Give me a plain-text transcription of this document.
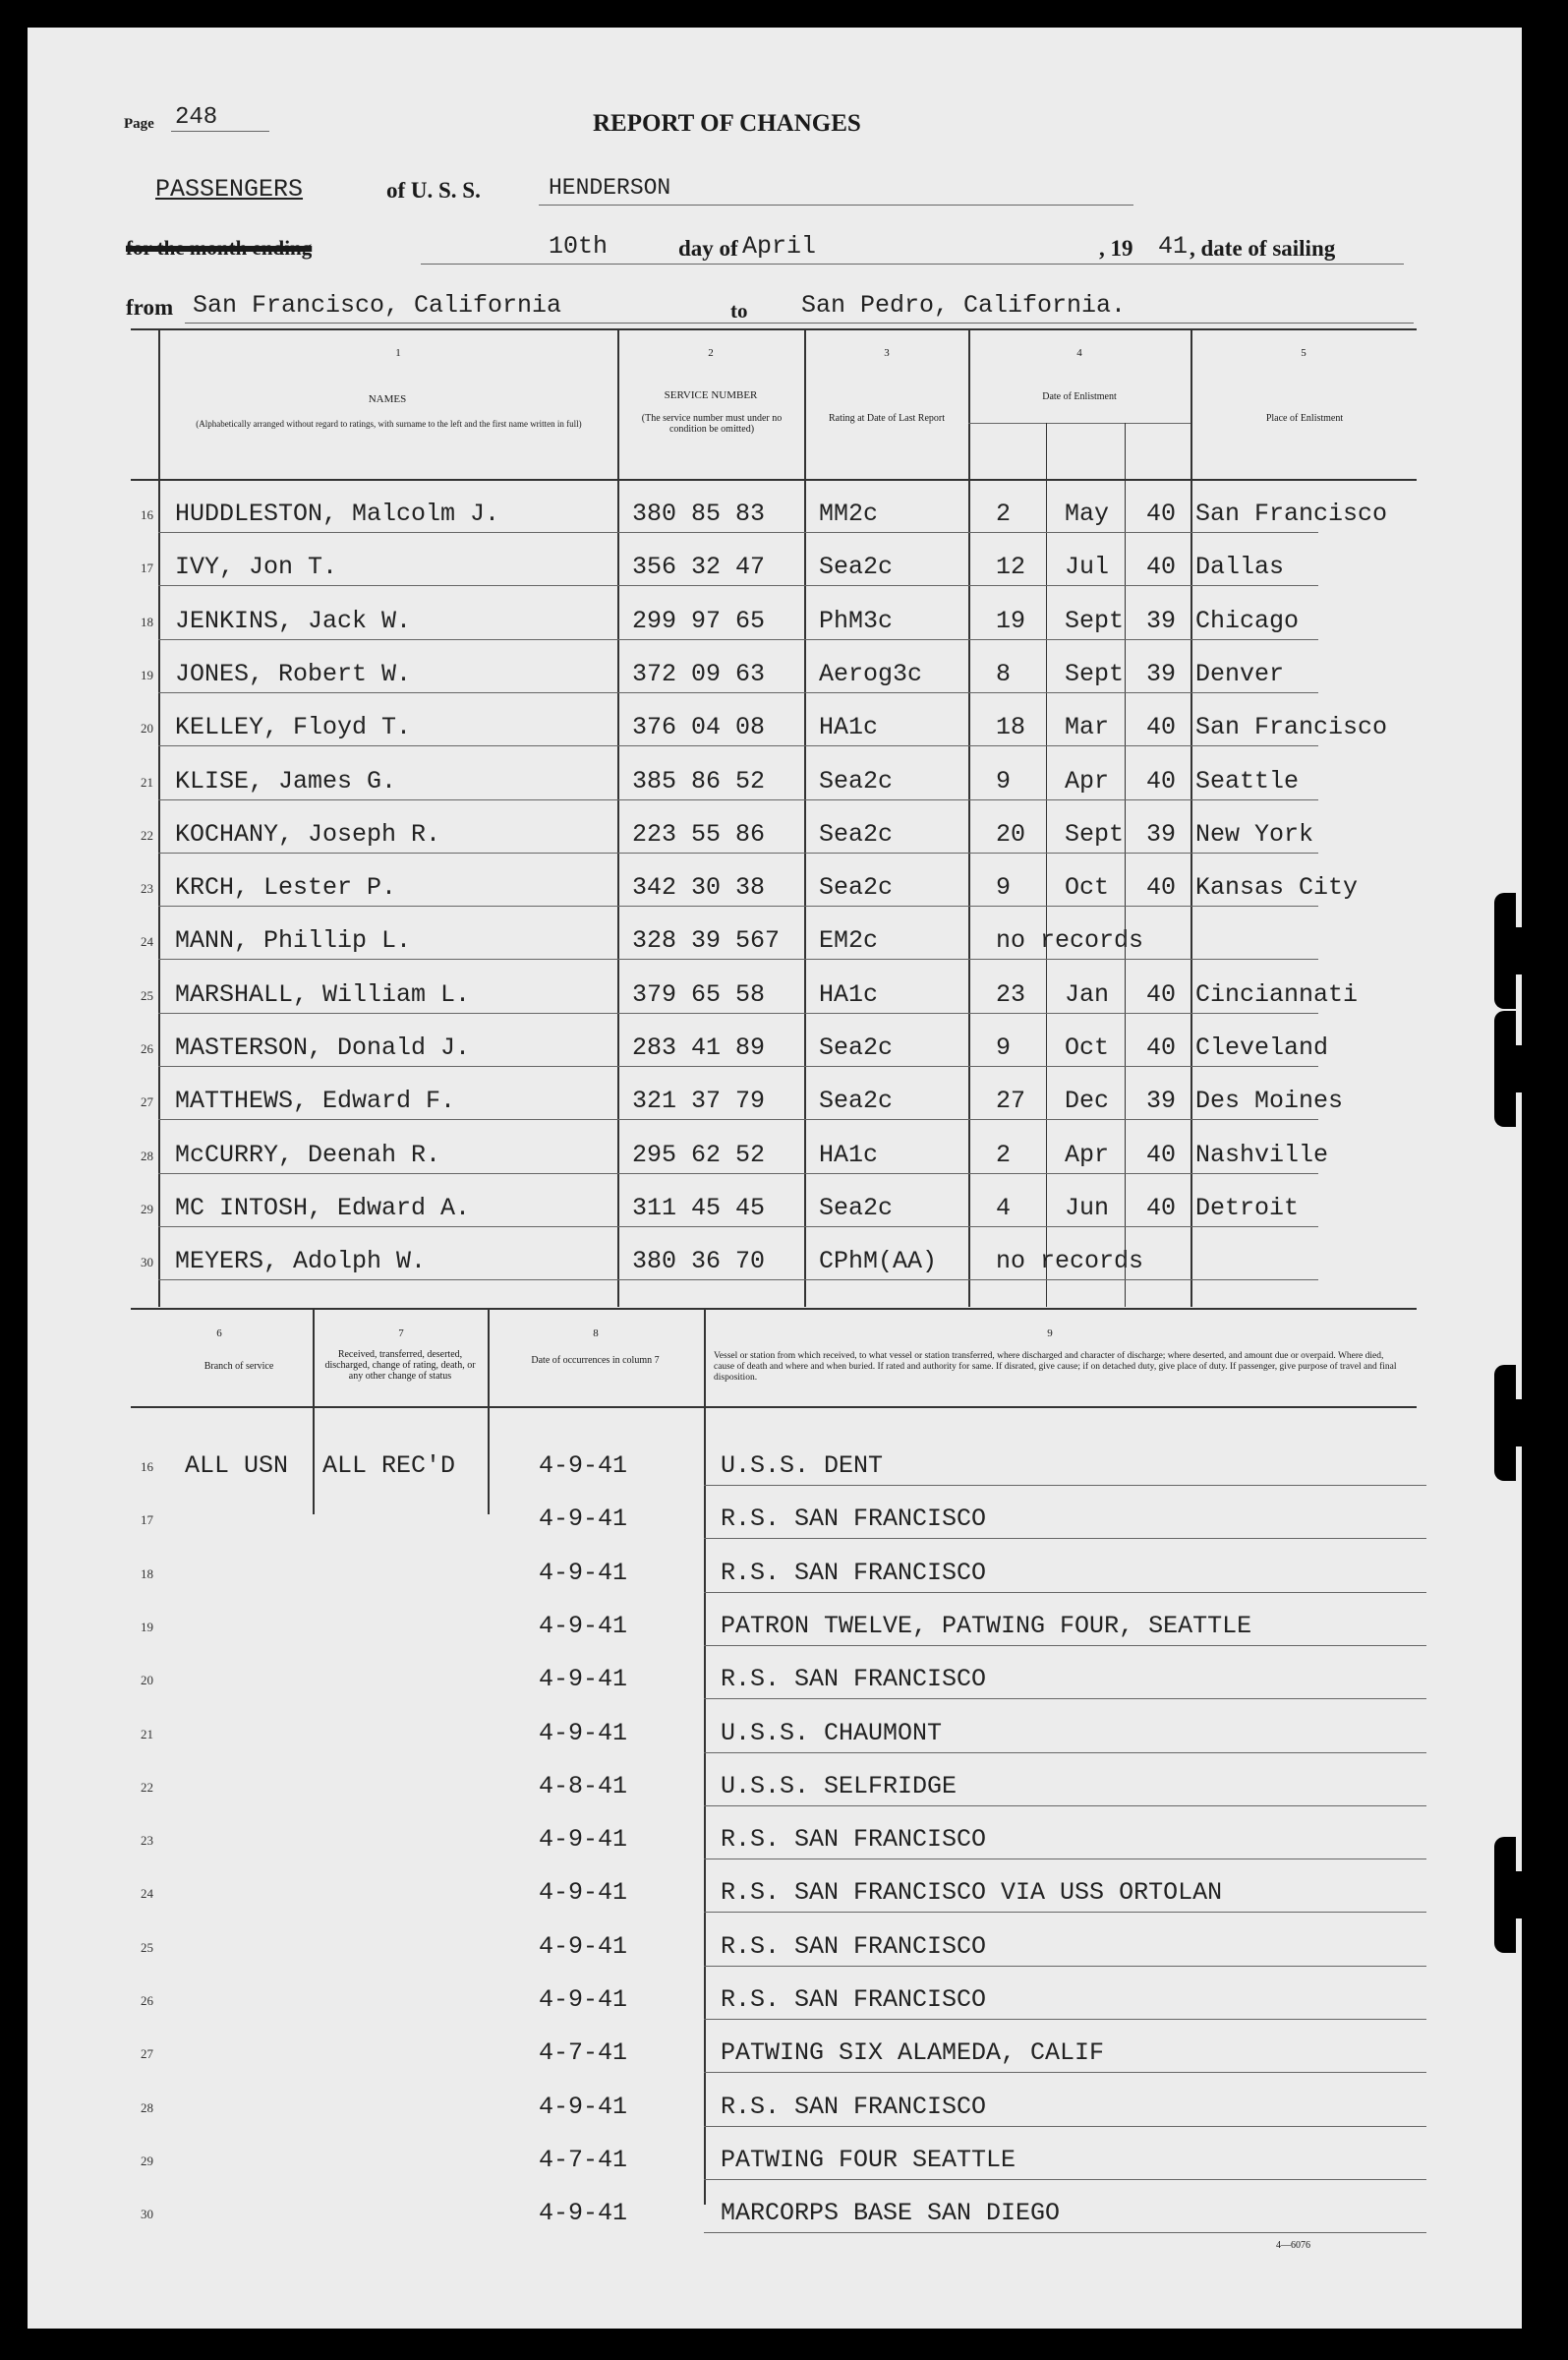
Page 248	REPORT OF CHANGES
PASSENGERS	of U. S. S.	HENDERSON
for the month ending	10th	day of April	, 19 41 , date of sailing
from San Francisco, California	to San Pedro, California.
1	2	3	4	5
NAMES
(Alphabetically arranged without regard to ratings, with surname to the left and the first name written in full)
SERVICE NUMBER
(The service number must under no condition be omitted)
Rating at Date of Last Report
Date of Enlistment
Place of Enlistment
16 HUDDLESTON, Malcolm J.	380 85 83 MM2c	2 May 40 San Francisco
17 IVY, Jon T.	356 32 47 Sea2c	12 Jul 40 Dallas
18 JENKINS, Jack W.	299 97 65 PhM3c	19 Sept 39 Chicago
19 JONES, Robert W.	372 09 63 Aerog3c	8 Sept 39 Denver
20 KELLEY, Floyd T.	376 04 08 HA1c	18 Mar 40 San Francisco
21 KLISE, James G.	385 86 52 Sea2c	9 Apr 40 Seattle
22 KOCHANY, Joseph R.	223 55 86 Sea2c	20 Sept 39 New York
23 KRCH, Lester P.	342 30 38 Sea2c	9 Oct 40 Kansas City
24 MANN, Phillip L.	328 39 567 EM2c	no records
25 MARSHALL, William L.	379 65 58 HA1c	23 Jan 40 Cinciannati
26 MASTERSON, Donald J.	283 41 89 Sea2c	9 Oct 40 Cleveland
27 MATTHEWS, Edward F.	321 37 79 Sea2c	27 Dec 39 Des Moines
28 McCURRY, Deenah R.	295 62 52 HA1c	2 Apr 40 Nashville
29 MC INTOSH, Edward A.	311 45 45 Sea2c	4 Jun 40 Detroit
30 MEYERS, Adolph W.	380 36 70 CPhM(AA) no records
6	7	8	9
Branch of service
Received, transferred, deserted, discharged, change of rating, death, or any other change of status
Date of occurrences in column 7	Vessel or station from which received, to what vessel or station transferred, where discharged and character of discharge; where deserted, and amount due or overpaid. Where died, cause of death and where and when buried. If rated and authority for same. If disrated, give cause; if on detached duty, give place of duty. If passenger, give purpose of travel and final disposition.
16 ALL USN ALL REC'D	4-9-41	U.S.S. DENT
17	4-9-41	R.S. SAN FRANCISCO
18	4-9-41	R.S. SAN FRANCISCO
19	4-9-41	PATRON TWELVE, PATWING FOUR, SEATTLE
20	4-9-41	R.S. SAN FRANCISCO
21	4-9-41	U.S.S. CHAUMONT
22	4-8-41	U.S.S. SELFRIDGE
23	4-9-41	R.S. SAN FRANCISCO
24	4-9-41	R.S. SAN FRANCISCO VIA USS ORTOLAN
25	4-9-41	R.S. SAN FRANCISCO
26	4-9-41	R.S. SAN FRANCISCO
27	4-7-41	PATWING SIX ALAMEDA, CALIF
28	4-9-41	R.S. SAN FRANCISCO
29	4-7-41	PATWING FOUR SEATTLE
30	4-9-41	MARCORPS BASE SAN DIEGO
4—6076
